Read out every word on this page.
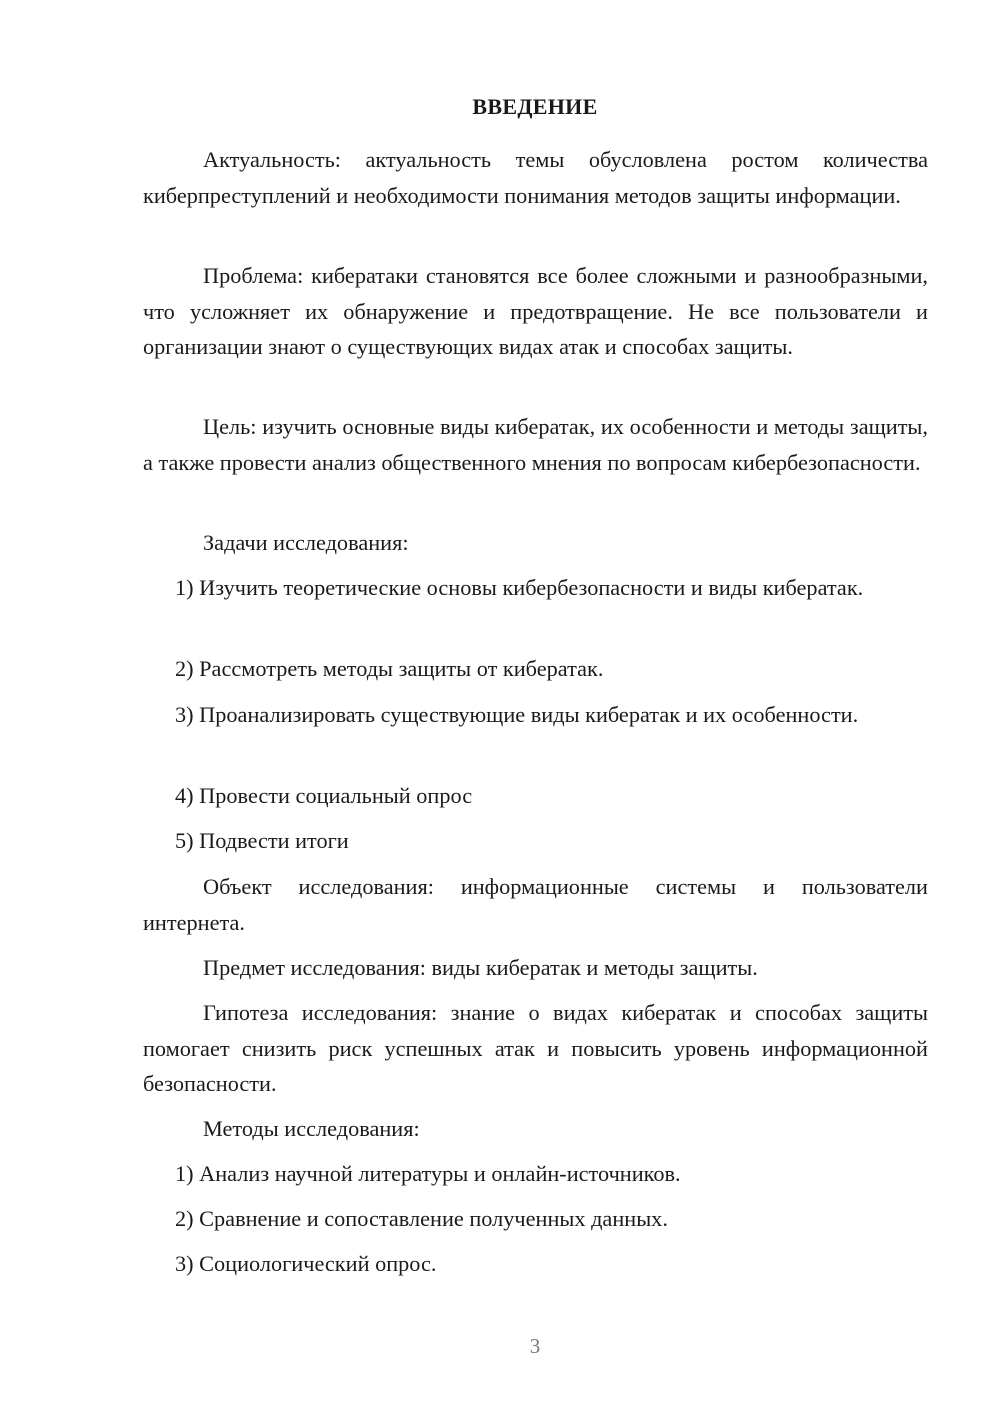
ВВЕДЕНИЕ
Актуальность: актуальность темы обусловлена ростом количества киберпреступлений и необходимости понимания методов защиты информации.
Проблема: кибератаки становятся все более сложными и разнообразными, что усложняет их обнаружение и предотвращение. Не все пользователи и организации знают о существующих видах атак и способах защиты.
Цель: изучить основные виды кибератак, их особенности и методы защиты, а также провести анализ общественного мнения по вопросам кибербезопасности.
Задачи исследования:
1) Изучить теоретические основы кибербезопасности и виды кибератак.
2) Рассмотреть методы защиты от кибератак.
3) Проанализировать существующие виды кибератак и их особенности.
4) Провести социальный опрос
5) Подвести итоги
Объект исследования: информационные системы и пользователи интернета.
Предмет исследования: виды кибератак и методы защиты.
Гипотеза исследования: знание о видах кибератак и способах защиты помогает снизить риск успешных атак и повысить уровень информационной безопасности.
Методы исследования:
1) Анализ научной литературы и онлайн-источников.
2) Сравнение и сопоставление полученных данных.
3) Социологический опрос.
3
